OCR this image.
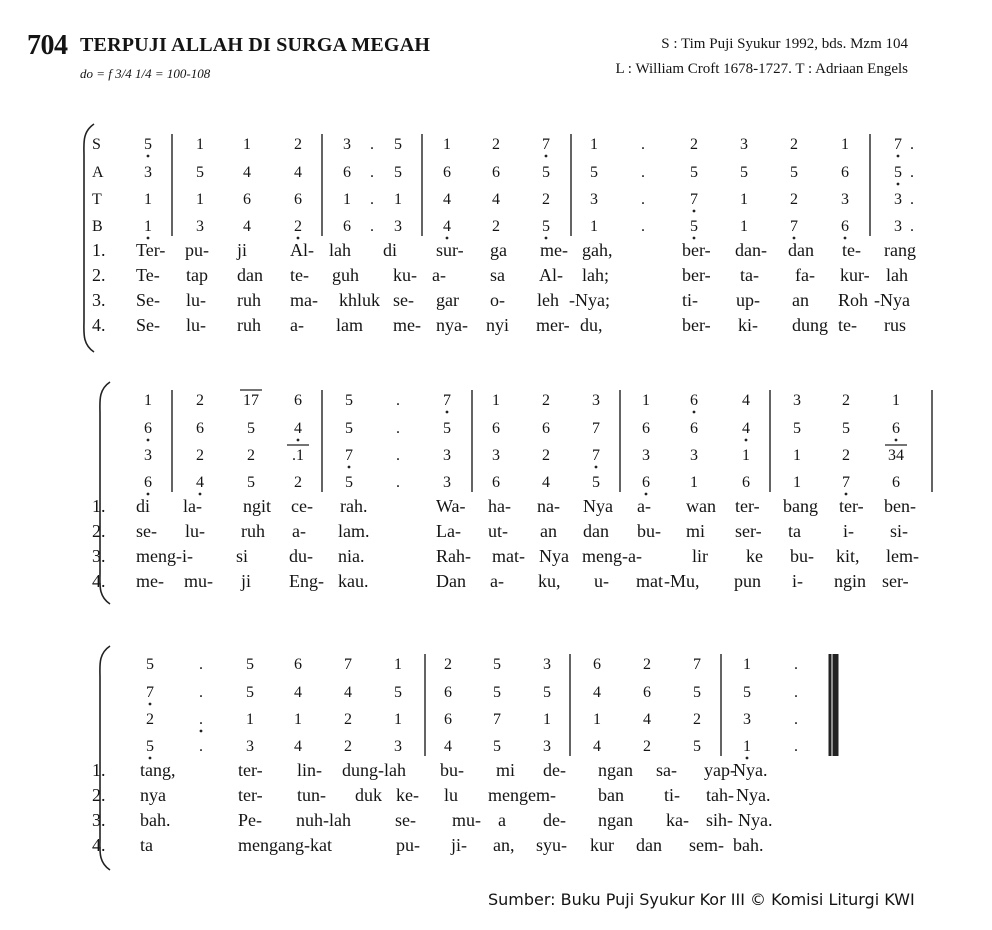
704 TERPUJI ALLAH DI SURGA MEGAH
do = f 3/4 1/4 = 100-108
S : Tim Puji Syukur 1992, bds. Mzm 104
L : William Croft 1678-1727. T : Adriaan Engels
S
A
T
B
5	1	1	2	3	.	5	1	2	7	1	.	2	3	2	1	7 .
3	5	4	4	6	.	5	6	6	5	5	.	5	5	5	6	5 .
1	1	6	6	1	.	1	4	4	2	3	.	7	1	2	3	3 .
1	3	4	2	6	.	3	4	2	5	1	.	5	1	7	6	3 .
1.
2.
3.
4.
Ter- pu- ji Al- lah di sur- ga me- gah,	ber- dan- dan te- rang
Te- tap dan te- guh ku- a- sa Al- lah;	ber- ta- fa- kur- lah
Se- lu- ruh ma- khluk se- gar o- leh -Nya;	ti- up- an Roh -Nya
Se- lu- ruh a- lam me- nya- nyi mer- du,	ber- ki- dung te- rus
1	2	17	6	5	.	7	1	2	3	1	6	4	3	2	1
6	6	5	4	5	.	5	6	6	7	6	6	4	5	5	6
3	2	2	.1	7	.	3	3	2	7	3	3	1	1	2	34
6	4	5	2	5	.	3	6	4	5	6	1	6	1	7	6
1.
2.
3.
4.
di la- ngit ce- rah.	Wa- ha- na- Nya a- wan ter- bang ter- ben-
se- lu- ruh a- lam.	La- ut- an dan bu- mi ser- ta i- si-
meng-i- si du- nia.	Rah- mat- Nya meng-a-	lir ke bu- kit, lem-
me- mu- ji Eng- kau.	Dan a- ku, u- mat -Mu, pun i- ngin ser-
5	.	5	6	7	1	2	5	3	6	2	7	1	.
7	.	5	4	4	5	6	5	5	4	6	5	5	.
2	.	1	1	2	1	6	7	1	1	4	2	3	.
5	.	3	4	2	3	4	5	3	4	2	5	1	.
1.
2.
3.
4.
tang,	ter- lin- dung-lah bu- mi de- ngan sa- yap-
Nya.
nya	ter- tun- duk ke- lu mengem- ban ti- tah- Nya.
bah.	Pe- nuh-lah se- mu- a de- ngan ka- sih- Nya.
ta	mengang-kat	pu- ji- an, syu- kur dan sem- bah.
Sumber: Buku Puji Syukur Kor III © Komisi Liturgi KWI
